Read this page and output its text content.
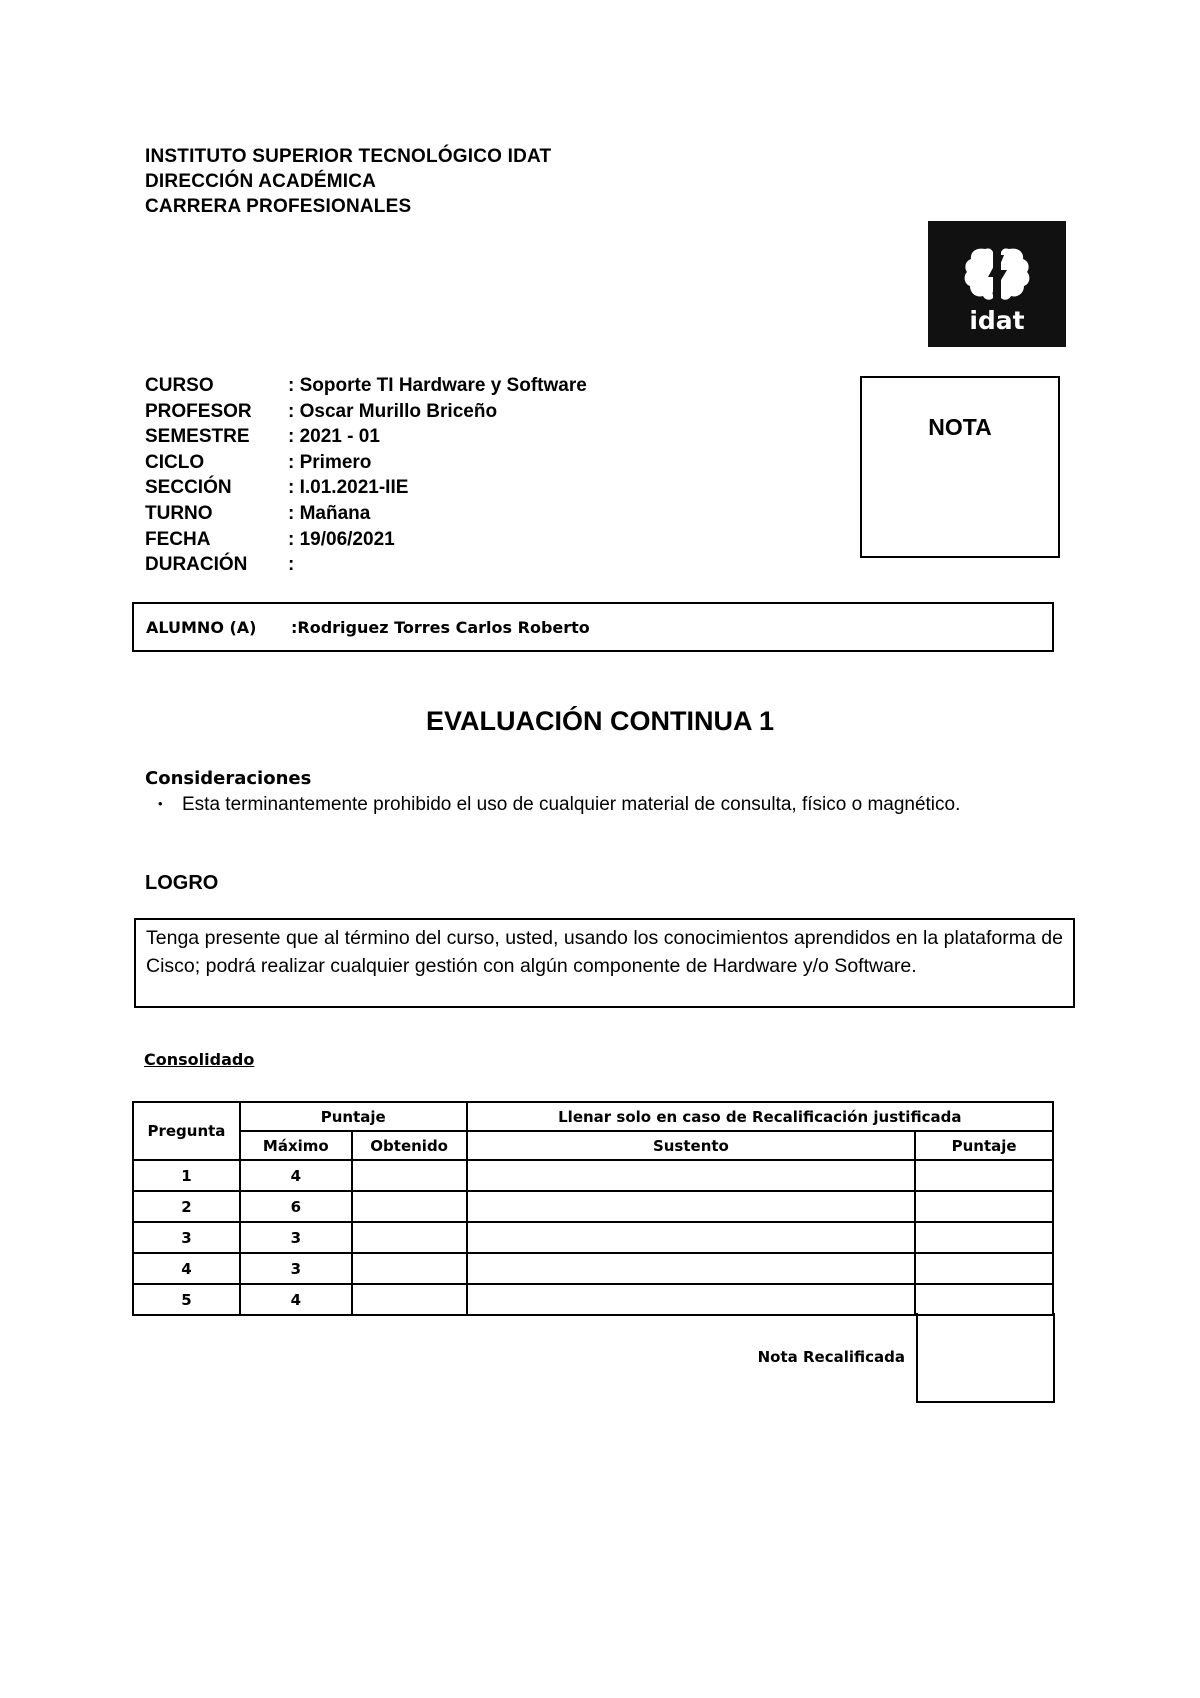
INSTITUTO SUPERIOR TECNOLÓGICO IDAT
DIRECCIÓN ACADÉMICA
CARRERA PROFESIONALES
idat
CURSO	: Soporte TI Hardware y Software
PROFESOR	: Oscar Murillo Briceño
SEMESTRE	: 2021 - 01
CICLO	: Primero
SECCIÓN	: I.01.2021-IIE
TURNO	: Mañana
FECHA	: 19/06/2021
DURACIÓN	:
NOTA
ALUMNO (A)	:Rodriguez Torres Carlos Roberto
EVALUACIÓN CONTINUA 1
Consideraciones
• Esta terminantemente prohibido el uso de cualquier material de consulta, físico o magnético.
LOGRO
Tenga presente que al término del curso, usted, usando los conocimientos aprendidos en la plataforma de Cisco; podrá realizar cualquier gestión con algún componente de Hardware y/o Software.
Consolidado
Pregunta	Puntaje		Llenar solo en caso de Recalificación justificada	
	Máximo	Obtenido	Sustento	Puntaje
1	4			
2	6			
3	3			
4	3			
5	4			
Nota Recalificada
